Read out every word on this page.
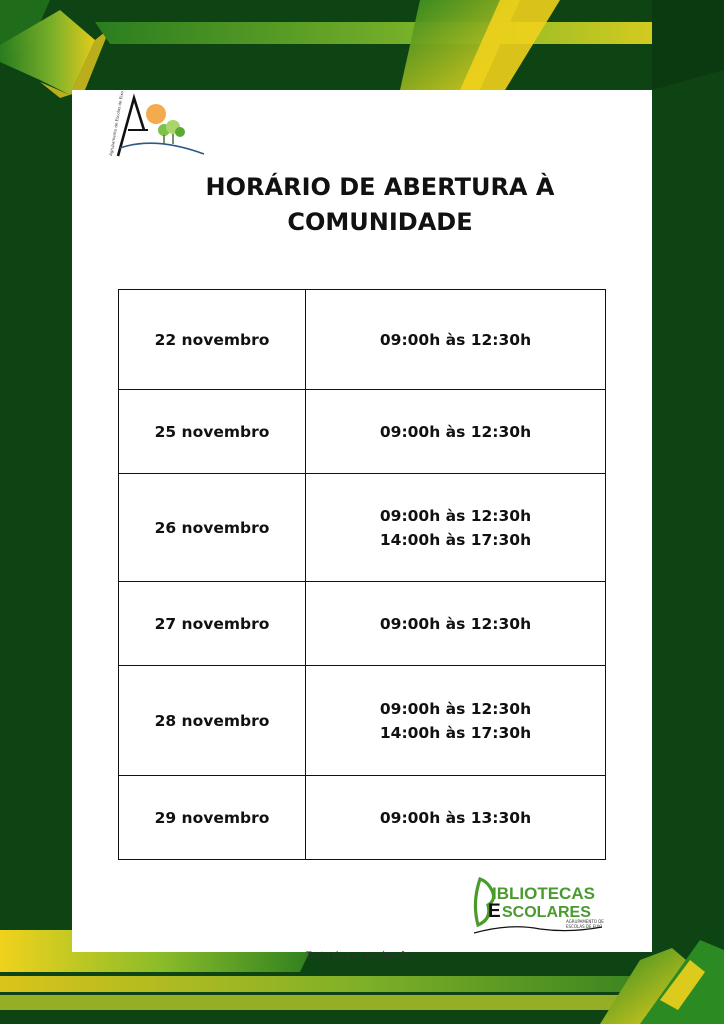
Agrupamento de Escolas de Eixo
HORÁRIO DE ABERTURA À
COMUNIDADE
22 novembro	09:00h às 12:30h

25 novembro	09:00h às 12:30h

26 novembro	09:00h às 12:30h
14:00h às 17:30h

27 novembro	09:00h às 12:30h

28 novembro	09:00h às 12:30h
14:00h às 17:30h

29 novembro	09:00h às 13:30h
IBLIOTECAS
E SCOLARES
AGRUPAMENTO DE
ESCOLAS DE EIXO
Texto do seu parágrafo
